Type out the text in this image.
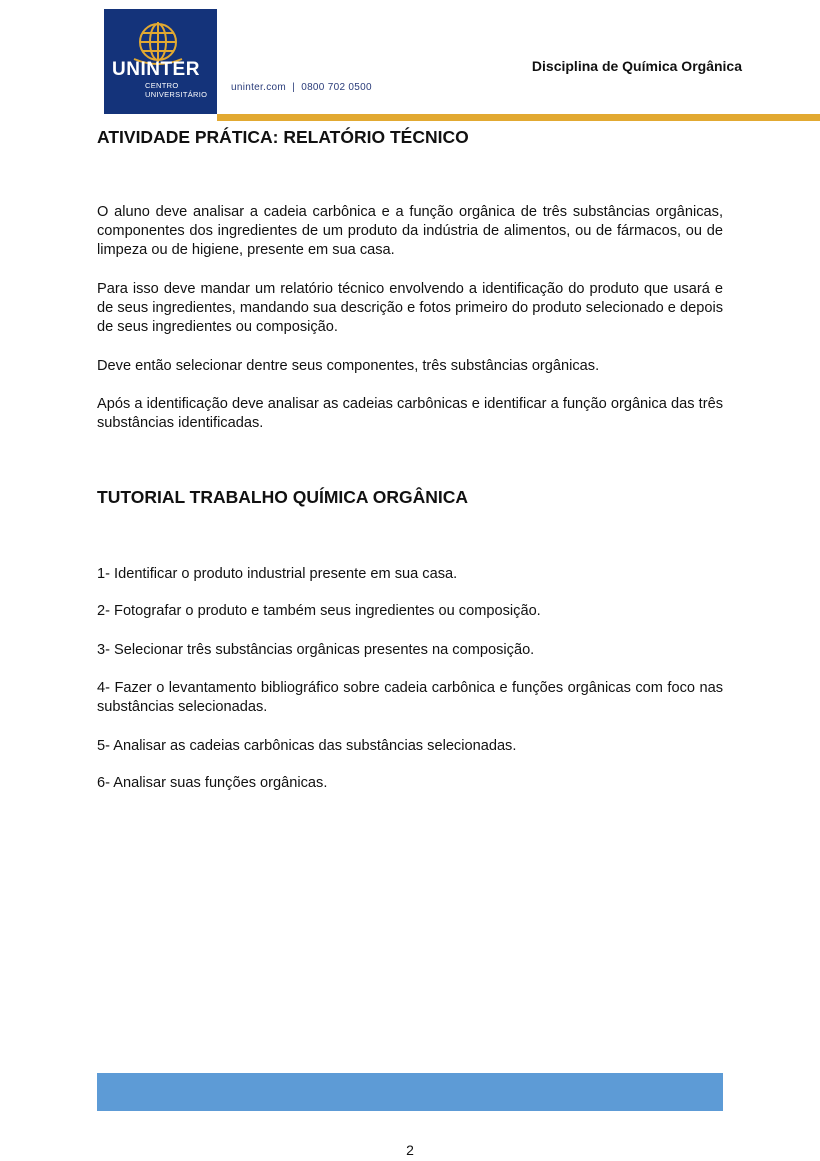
UNINTER
CENTRO
UNIVERSITÁRIO
uninter.com  |  0800 702 0500
Disciplina de Química Orgânica
ATIVIDADE PRÁTICA: RELATÓRIO TÉCNICO

O aluno deve analisar a cadeia carbônica e a função orgânica de três substâncias orgânicas, componentes dos ingredientes de um produto da indústria de alimentos, ou de fármacos, ou de limpeza ou de higiene, presente em sua casa.

Para isso deve mandar um relatório técnico envolvendo a identificação do produto que usará e de seus ingredientes, mandando sua descrição e fotos primeiro do produto selecionado e depois de seus ingredientes ou composição.

Deve então selecionar dentre seus componentes, três substâncias orgânicas.

Após a identificação deve analisar as cadeias carbônicas e identificar a função orgânica das três substâncias identificadas.

TUTORIAL TRABALHO QUÍMICA ORGÂNICA

1- Identificar o produto industrial presente em sua casa.

2- Fotografar o produto e também seus ingredientes ou composição.

3- Selecionar três substâncias orgânicas presentes na composição.

4- Fazer o levantamento bibliográfico sobre cadeia carbônica e funções orgânicas com foco nas substâncias selecionadas.

5- Analisar as cadeias carbônicas das substâncias selecionadas.

6- Analisar suas funções orgânicas.

2
